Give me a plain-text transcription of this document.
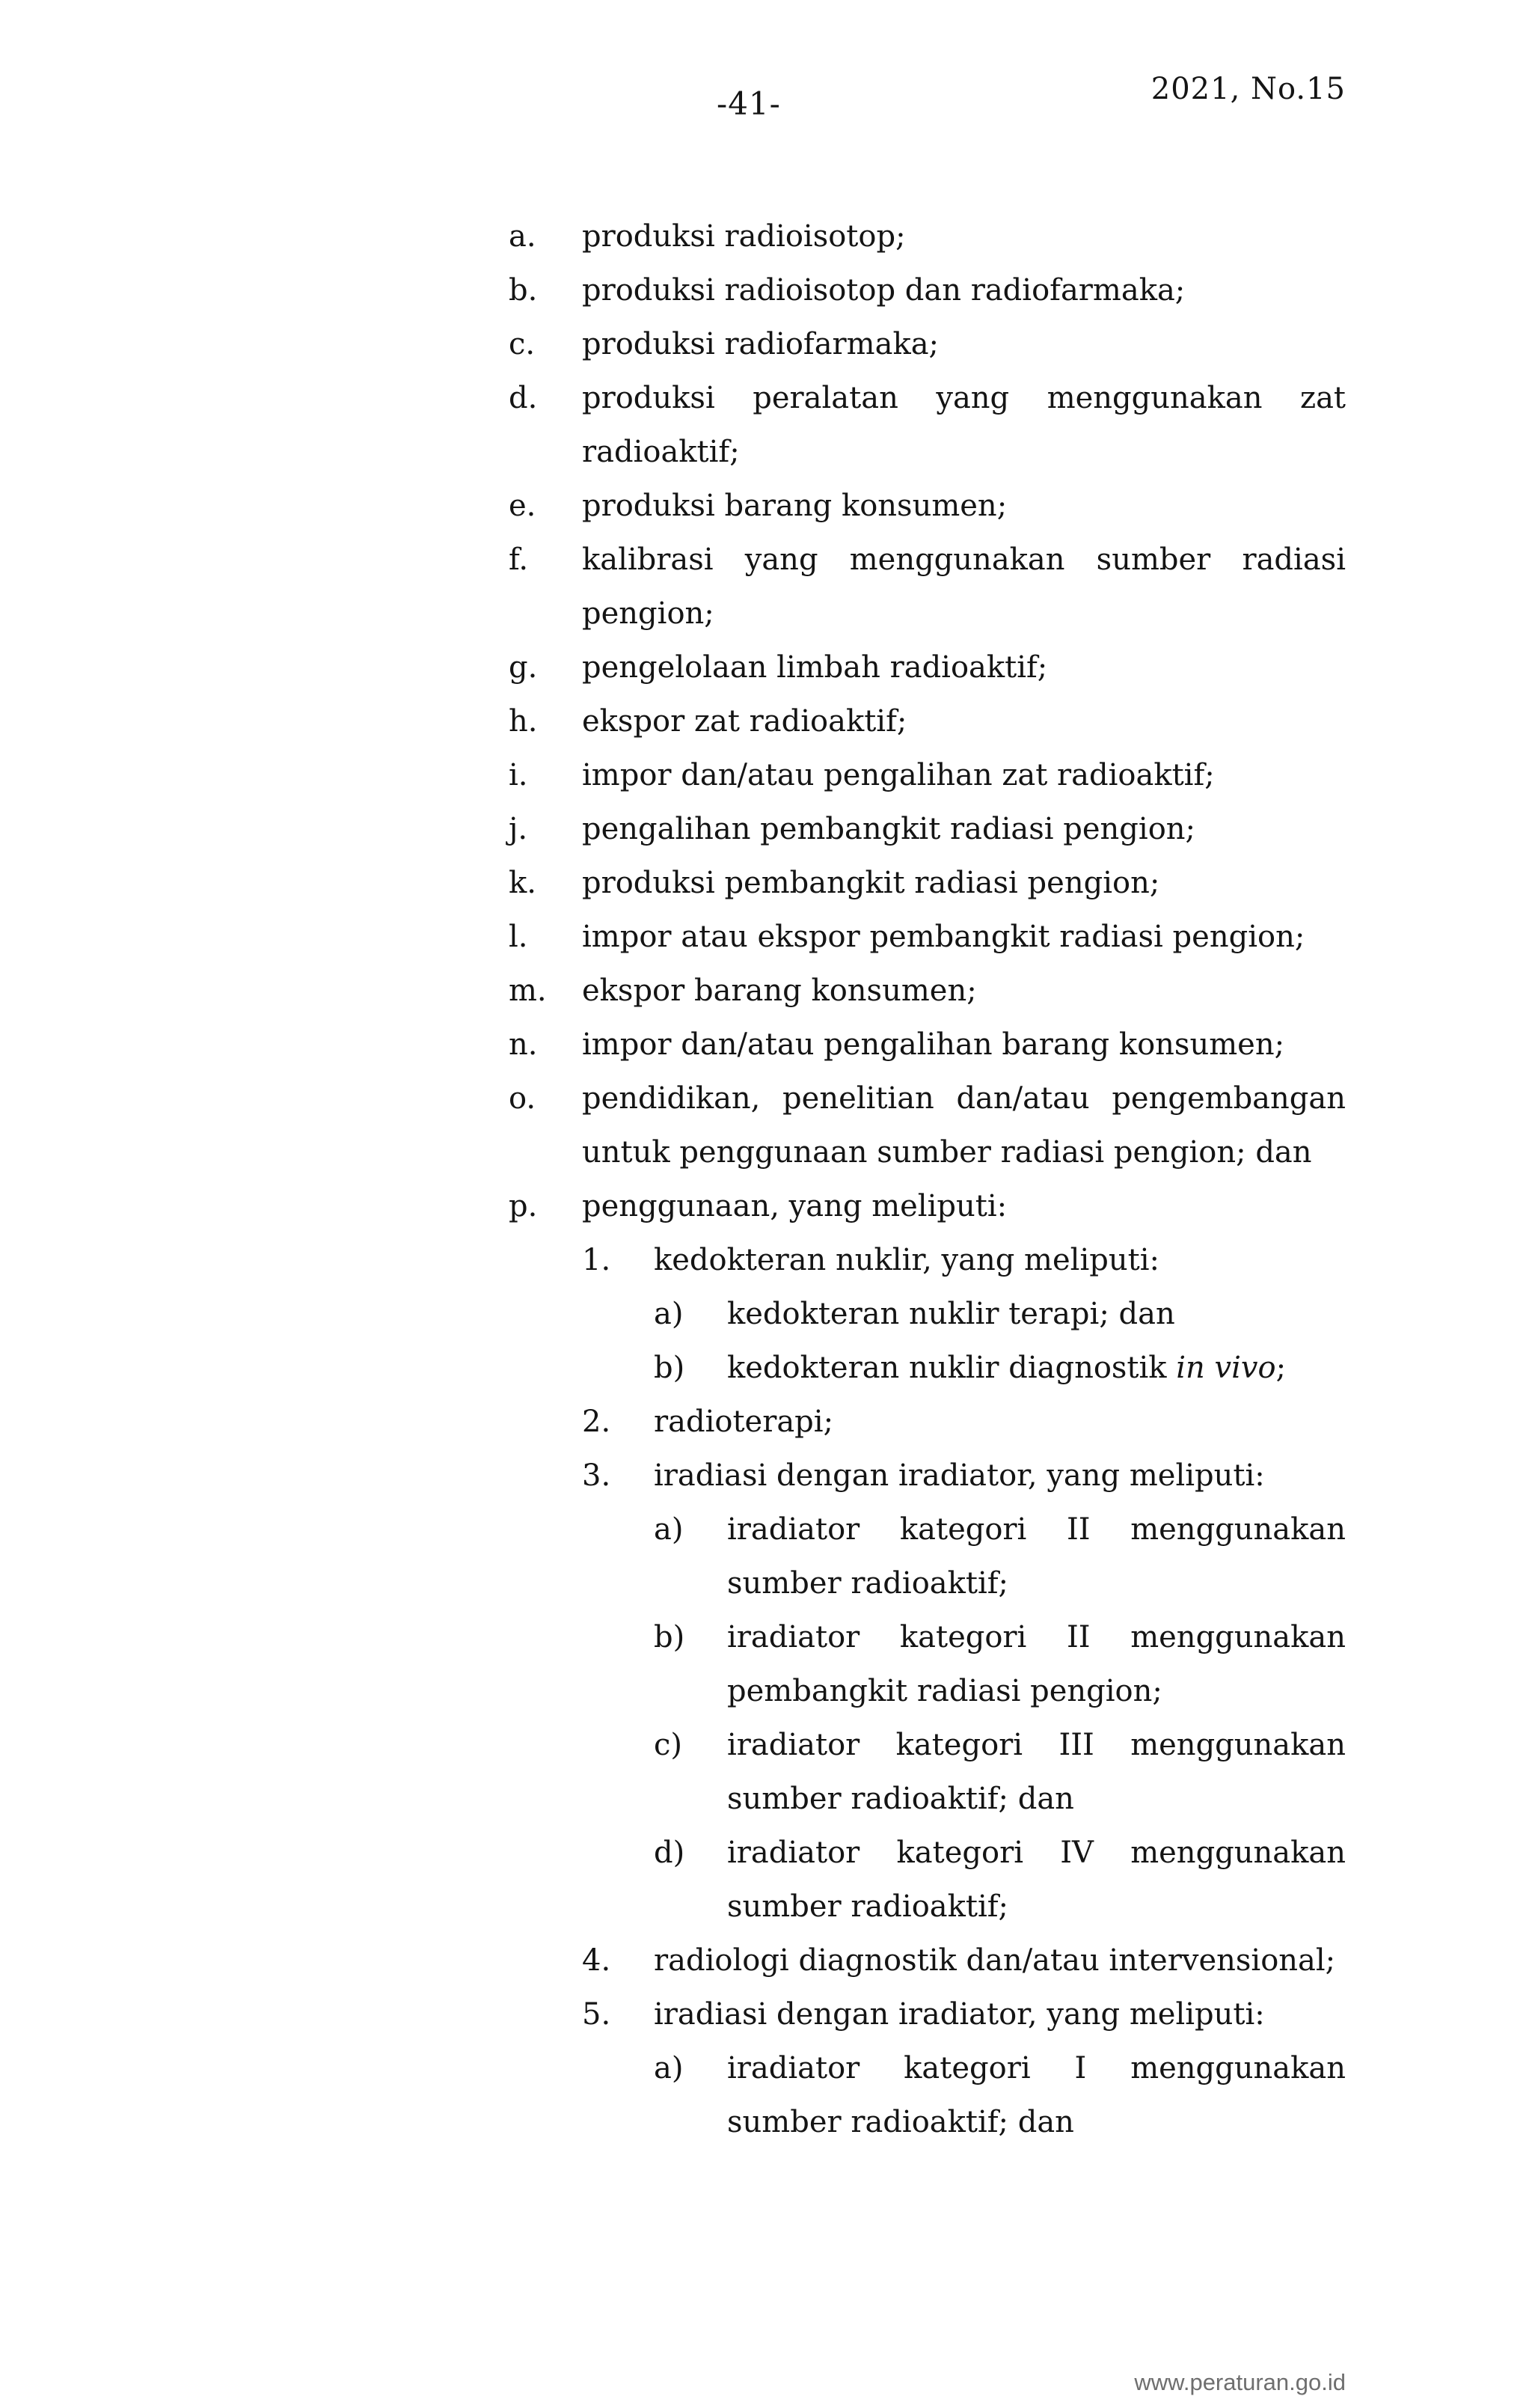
-41-	2021, No.15
a. produksi radioisotop;
b. produksi radioisotop dan radiofarmaka;
c. produksi radiofarmaka;
d. produksi peralatan yang menggunakan zat
radioaktif;
e. produksi barang konsumen;
f. kalibrasi yang menggunakan sumber radiasi
pengion;
g. pengelolaan limbah radioaktif;
h. ekspor zat radioaktif;
i. impor dan/atau pengalihan zat radioaktif;
j. pengalihan pembangkit radiasi pengion;
k. produksi pembangkit radiasi pengion;
l. impor atau ekspor pembangkit radiasi pengion;
m. ekspor barang konsumen;
n. impor dan/atau pengalihan barang konsumen;
o. pendidikan, penelitian dan/atau pengembangan
untuk penggunaan sumber radiasi pengion; dan
p. penggunaan, yang meliputi:
1. kedokteran nuklir, yang meliputi:
a) kedokteran nuklir terapi; dan
b) kedokteran nuklir diagnostik in vivo;
2. radioterapi;
3. iradiasi dengan iradiator, yang meliputi:
a) iradiator kategori II menggunakan
sumber radioaktif;
b) iradiator kategori II menggunakan
pembangkit radiasi pengion;
c) iradiator kategori III menggunakan
sumber radioaktif; dan
d) iradiator kategori IV menggunakan
sumber radioaktif;
4. radiologi diagnostik dan/atau intervensional;
5. iradiasi dengan iradiator, yang meliputi:
a) iradiator kategori I menggunakan
sumber radioaktif; dan
www.peraturan.go.id
